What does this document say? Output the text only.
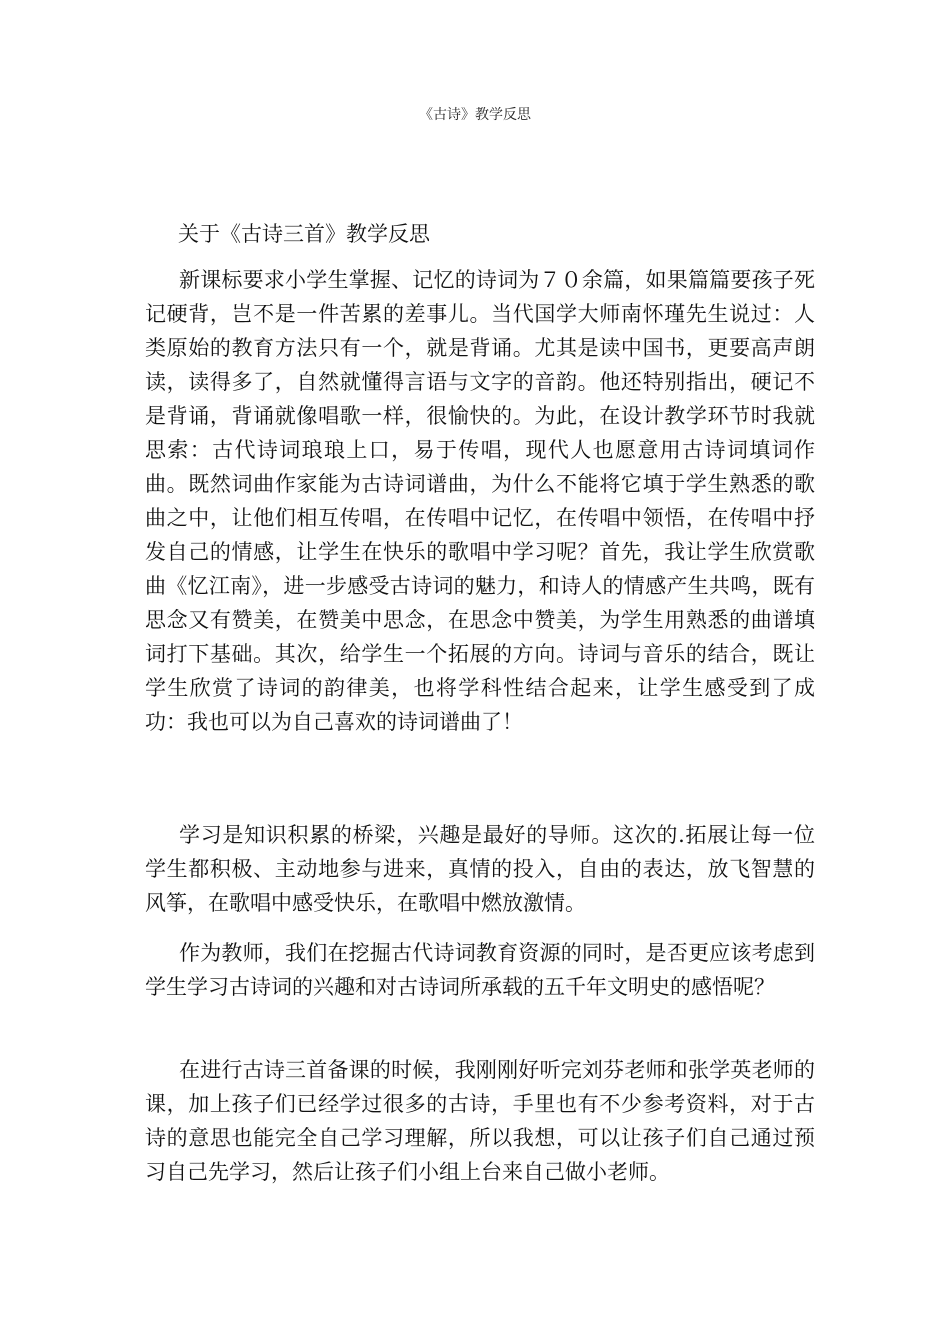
《古诗》教学反思
关于《古诗三首》教学反思

新课标要求小学生掌握、记忆的诗词为７０余篇，如果篇篇要孩子死记硬背，岂不是一件苦累的差事儿。当代国学大师南怀瑾先生说过：人类原始的教育方法只有一个，就是背诵。尤其是读中国书，更要高声朗读，读得多了，自然就懂得言语与文字的音韵。他还特别指出，硬记不是背诵，背诵就像唱歌一样，很愉快的。为此，在设计教学环节时我就思索：古代诗词琅琅上口，易于传唱，现代人也愿意用古诗词填词作曲。既然词曲作家能为古诗词谱曲，为什么不能将它填于学生熟悉的歌曲之中，让他们相互传唱，在传唱中记忆，在传唱中领悟，在传唱中抒发自己的情感，让学生在快乐的歌唱中学习呢？首先，我让学生欣赏歌曲《忆江南》，进一步感受古诗词的魅力，和诗人的情感产生共鸣，既有思念又有赞美，在赞美中思念，在思念中赞美，为学生用熟悉的曲谱填词打下基础。其次，给学生一个拓展的方向。诗词与音乐的结合，既让学生欣赏了诗词的韵律美，也将学科性结合起来，让学生感受到了成功：我也可以为自己喜欢的诗词谱曲了！

学习是知识积累的桥梁，兴趣是最好的导师。这次的.拓展让每一位学生都积极、主动地参与进来，真情的投入，自由的表达，放飞智慧的风筝，在歌唱中感受快乐，在歌唱中燃放激情。

作为教师，我们在挖掘古代诗词教育资源的同时，是否更应该考虑到学生学习古诗词的兴趣和对古诗词所承载的五千年文明史的感悟呢？

在进行古诗三首备课的时候，我刚刚好听完刘芬老师和张学英老师的课，加上孩子们已经学过很多的古诗，手里也有不少参考资料，对于古诗的意思也能完全自己学习理解，所以我想，可以让孩子们自己通过预习自己先学习，然后让孩子们小组上台来自己做小老师。
